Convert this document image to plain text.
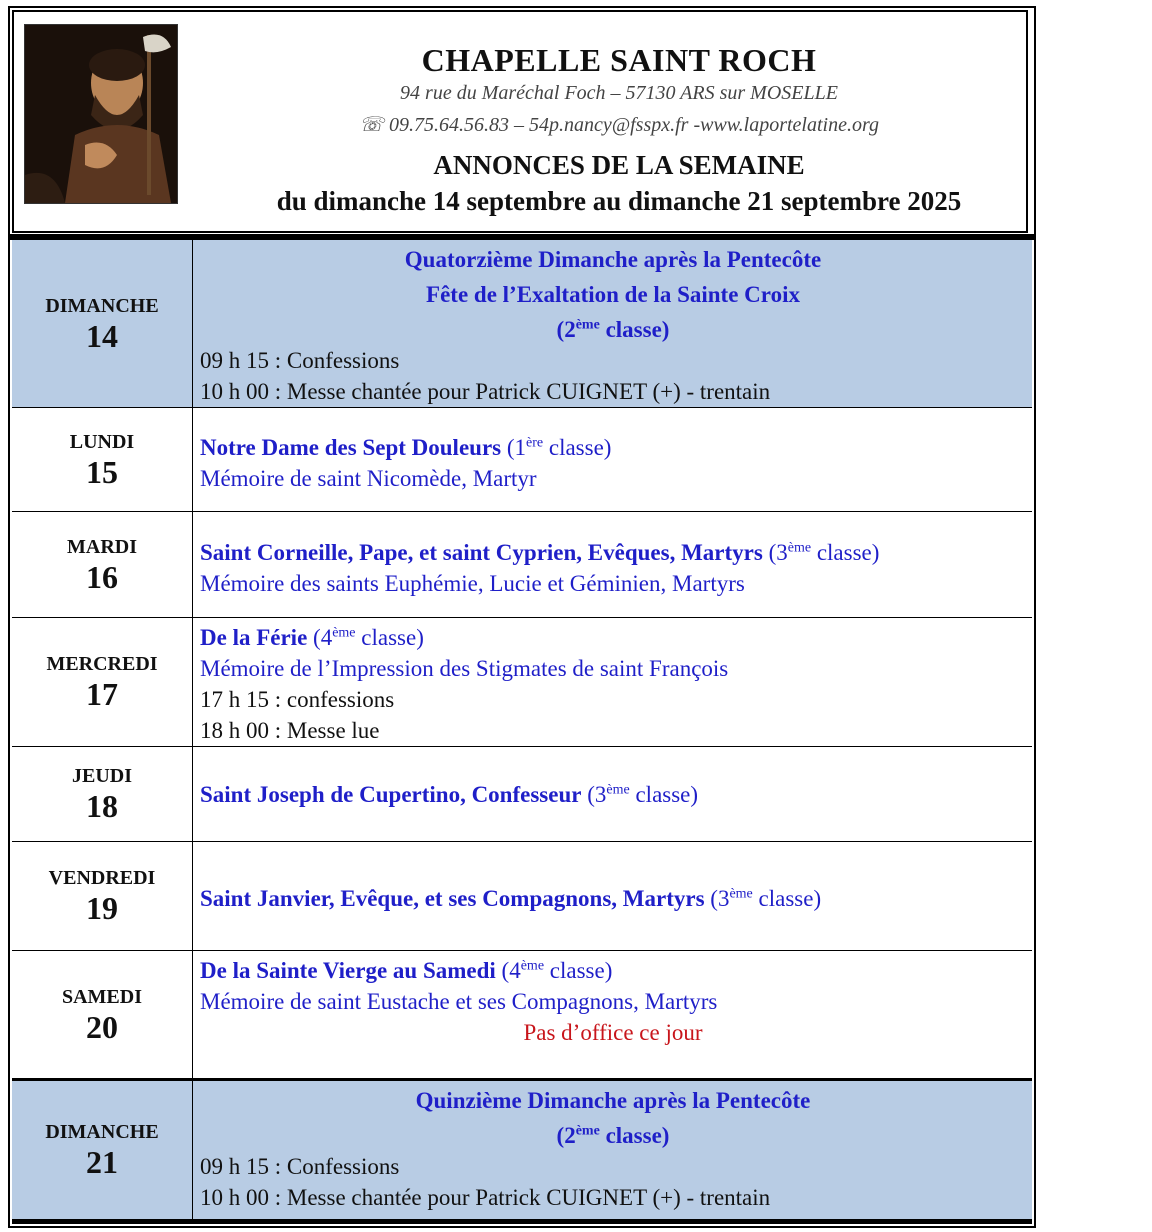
CHAPELLE SAINT ROCH
94 rue du Maréchal Foch – 57130 ARS sur MOSELLE
☏ 09.75.64.56.83 – 54p.nancy@fsspx.fr -www.laportelatine.org
ANNONCES DE LA SEMAINE
du dimanche 14 septembre au dimanche 21 septembre 2025
DIMANCHE
14
Quatorzième Dimanche après la Pentecôte
Fête de l’Exaltation de la Sainte Croix
(2ème classe)
09 h 15 : Confessions
10 h 00 : Messe chantée pour Patrick CUIGNET (+) - trentain
LUNDI
15
Notre Dame des Sept Douleurs (1ère classe)
Mémoire de saint Nicomède, Martyr
MARDI
16
Saint Corneille, Pape, et saint Cyprien, Evêques, Martyrs (3ème classe)
Mémoire des saints Euphémie, Lucie et Géminien, Martyrs
MERCREDI
17
De la Férie (4ème classe)
Mémoire de l’Impression des Stigmates de saint François
17 h 15 : confessions
18 h 00 : Messe lue
JEUDI
18	Saint Joseph de Cupertino, Confesseur (3ème classe)
VENDREDI
19	Saint Janvier, Evêque, et ses Compagnons, Martyrs (3ème classe)
SAMEDI
20
De la Sainte Vierge au Samedi (4ème classe)
Mémoire de saint Eustache et ses Compagnons, Martyrs
Pas d’office ce jour
DIMANCHE
21
Quinzième Dimanche après la Pentecôte
(2ème classe)
09 h 15 : Confessions
10 h 00 : Messe chantée pour Patrick CUIGNET (+) - trentain
